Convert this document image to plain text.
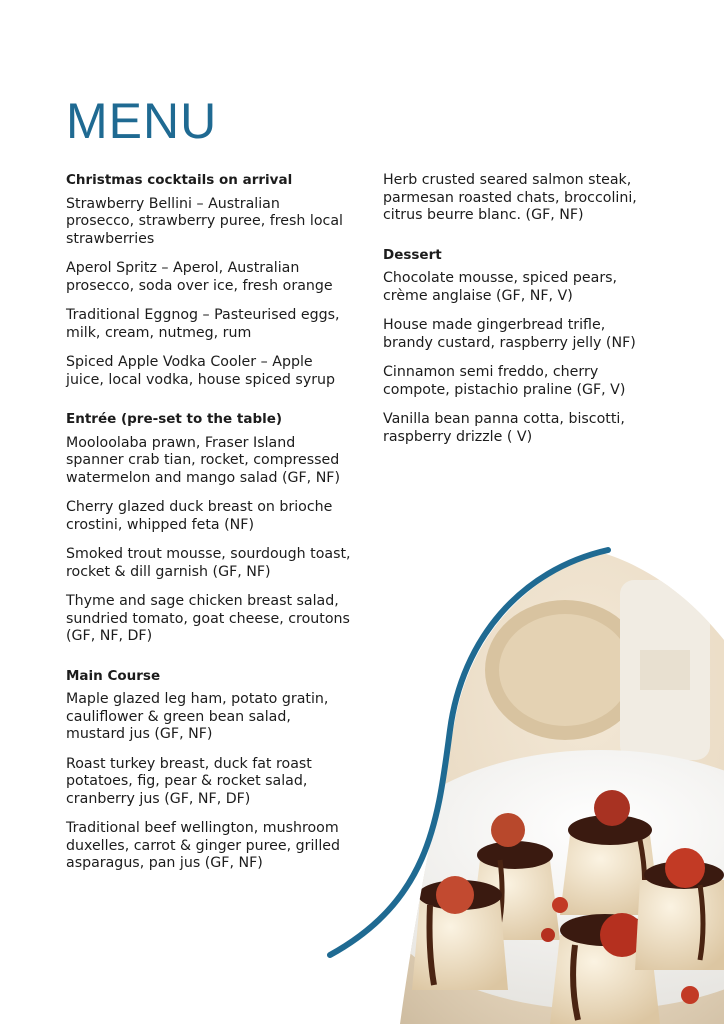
MENU

Christmas cocktails on arrival

Strawberry Bellini – Australian prosecco, strawberry puree, fresh local strawberries

Aperol Spritz – Aperol, Australian prosecco, soda over ice, fresh orange

Traditional Eggnog – Pasteurised eggs, milk, cream, nutmeg, rum

Spiced Apple Vodka Cooler – Apple juice, local vodka, house spiced syrup

Entrée (pre-set to the table)

Mooloolaba prawn, Fraser Island spanner crab tian, rocket, compressed watermelon and mango salad (GF, NF)

Cherry glazed duck breast on brioche crostini, whipped feta (NF)

Smoked trout mousse, sourdough toast, rocket & dill garnish (GF, NF)

Thyme and sage chicken breast salad, sundried tomato, goat cheese, croutons (GF, NF, DF)

Main Course

Maple glazed leg ham, potato gratin, cauliflower & green bean salad, mustard jus (GF, NF)

Roast turkey breast, duck fat roast potatoes, fig, pear & rocket salad, cranberry jus (GF, NF, DF)

Traditional beef wellington, mushroom duxelles, carrot & ginger puree, grilled asparagus, pan jus (GF, NF)

Herb crusted seared salmon steak, parmesan roasted chats, broccolini, citrus beurre blanc. (GF, NF)

Dessert

Chocolate mousse, spiced pears, crème anglaise (GF, NF, V)

House made gingerbread trifle, brandy custard, raspberry jelly (NF)

Cinnamon semi freddo, cherry compote, pistachio praline (GF, V)

Vanilla bean panna cotta, biscotti, raspberry drizzle ( V)
